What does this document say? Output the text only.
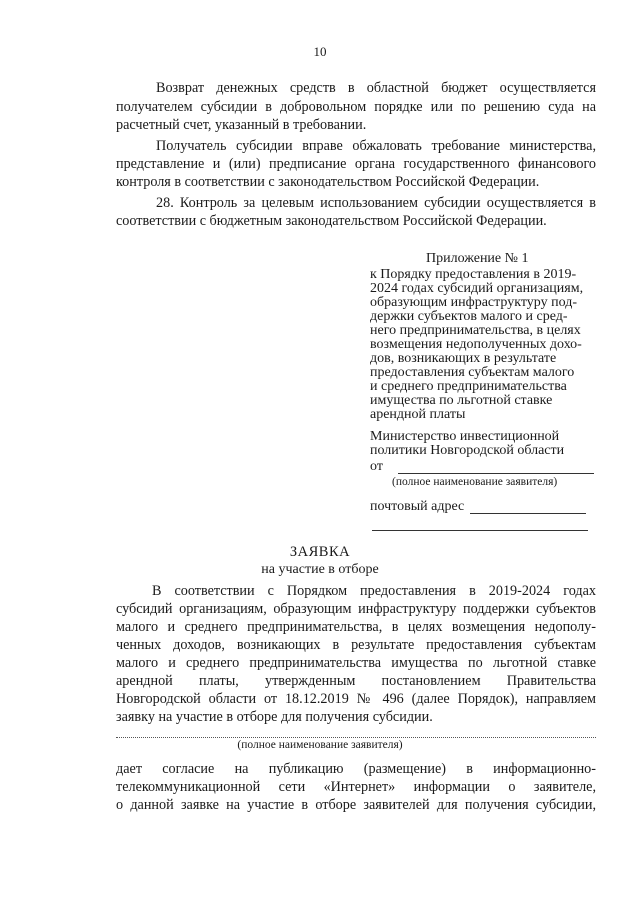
10
Возврат денежных средств в областной бюджет осуществляется
получателем субсидии в добровольном порядке или по решению суда на
расчетный счет, указанный в требовании.
Получатель субсидии вправе обжаловать требование министерства,
представление и (или) предписание органа государственного финансового
контроля в соответствии с законодательством Российской Федерации.
28. Контроль за целевым использованием субсидии осуществляется в
соответствии с бюджетным законодательством Российской Федерации.
Приложение № 1
к Порядку предоставления в 2019-
2024 годах субсидий организациям,
образующим инфраструктуру под-
держки субъектов малого и сред-
него предпринимательства, в целях
возмещения недополученных дохо-
дов, возникающих в результате
предоставления субъектам малого
и среднего предпринимательства
имущества по льготной ставке
арендной платы
Министерство инвестиционной
политики Новгородской области
от
(полное наименование заявителя)
почтовый адрес
ЗАЯВКА
на участие в отборе
В соответствии с Порядком предоставления в 2019-2024 годах
субсидий организациям, образующим инфраструктуру поддержки субъектов
малого и среднего предпринимательства, в целях возмещения недополу-
ченных доходов, возникающих в результате предоставления субъектам
малого и среднего предпринимательства имущества по льготной ставке
арендной платы, утвержденным постановлением Правительства
Новгородской области от 18.12.2019 № 496 (далее Порядок), направляем
заявку на участие в отборе для получения субсидии.
(полное наименование заявителя)
дает согласие на публикацию (размещение) в информационно-
телекоммуникационной сети «Интернет» информации о заявителе,
о данной заявке на участие в отборе заявителей для получения субсидии,
